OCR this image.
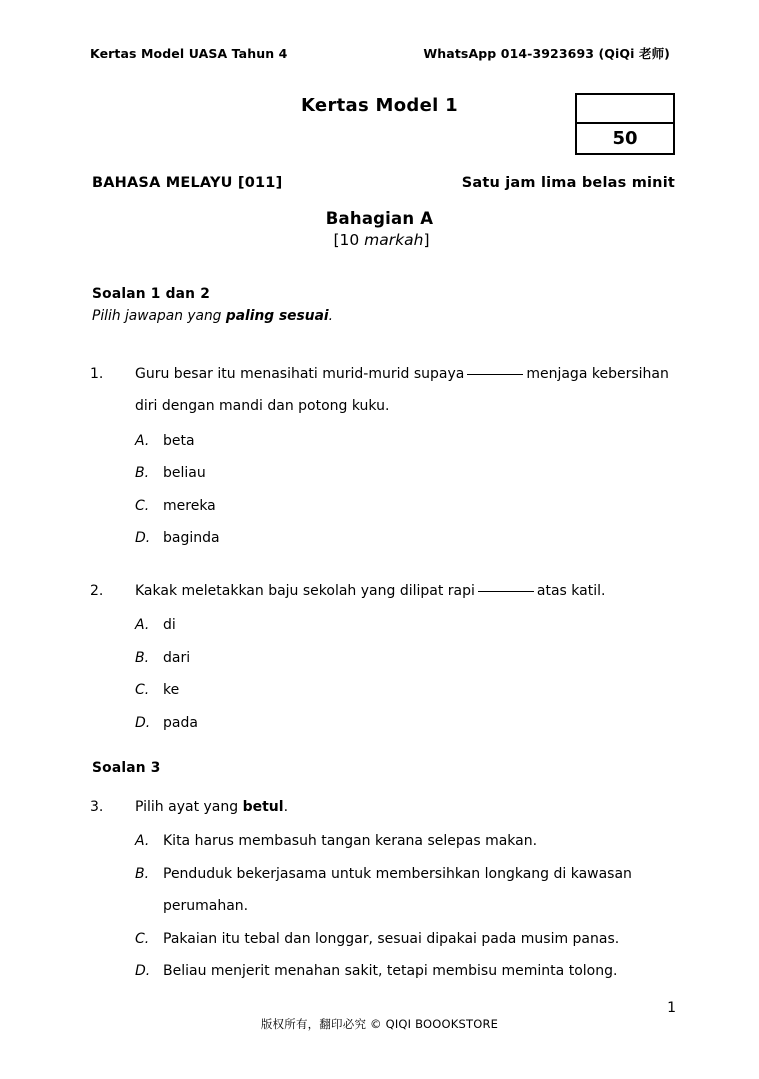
Kertas Model UASA Tahun 4	WhatsApp 014-3923693 (QiQi 老师)
Kertas Model 1
50
BAHASA MELAYU [011]	Satu jam lima belas minit
Bahagian A
[10 markah]
Soalan 1 dan 2
Pilih jawapan yang paling sesuai.
1.	Guru besar itu menasihati murid-murid supaya	menjaga kebersihan
diri dengan mandi dan potong kuku.
A. beta
B. beliau
C. mereka
D. baginda
2.	Kakak meletakkan baju sekolah yang dilipat rapi	atas katil.
A. di
B. dari
C. ke
D. pada
Soalan 3
3.	Pilih ayat yang betul.
A. Kita harus membasuh tangan kerana selepas makan.
B. Penduduk bekerjasama untuk membersihkan longkang di kawasan perumahan.
C. Pakaian itu tebal dan longgar, sesuai dipakai pada musim panas.
D. Beliau menjerit menahan sakit, tetapi membisu meminta tolong.
1
版权所有，翻印必究 © QIQI BOOOKSTORE
